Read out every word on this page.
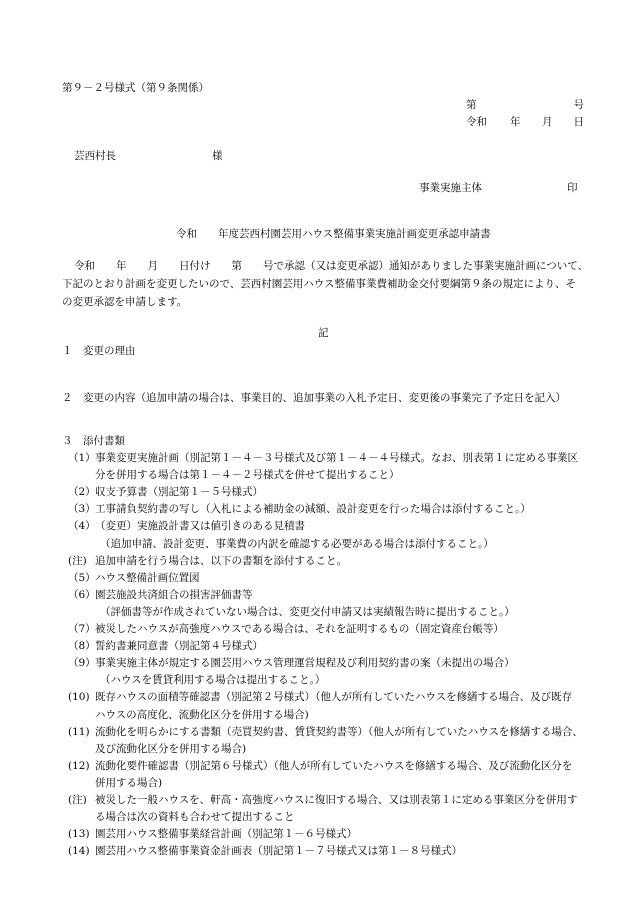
第９－２号様式（第９条関係）
第	号
令和 年 月 日
芸西村長	様
事業実施主体	印
令和　　年度芸西村園芸用ハウス整備事業実施計画変更承認申請書
令和　　年　　月　　日付け　　第　　号で承認（又は変更承認）通知がありました事業実施計画について、
下記のとおり計画を変更したいので、芸西村園芸用ハウス整備事業費補助金交付要綱第９条の規定により、そ
の変更承認を申請します。
記
１　変更の理由
２　変更の内容（追加申請の場合は、事業目的、追加事業の入札予定日、変更後の事業完了予定日を記入）
３　添付書類
（1）事業変更実施計画（別記第１－４－３号様式及び第１－４－４号様式。なお、別表第１に定める事業区
分を併用する場合は第１－４－２号様式を併せて提出すること）
（2）収支予算書（別記第１－５号様式）
（3）工事請負契約書の写し（入札による補助金の減額、設計変更を行った場合は添付すること。）
（4）（変更）実施設計書又は値引きのある見積書
（追加申請、設計変更、事業費の内訳を確認する必要がある場合は添付すること。）
(注) 追加申請を行う場合は、以下の書類を添付すること。
（5）ハウス整備計画位置図
（6）園芸施設共済組合の損害評価書等
（評価書等が作成されていない場合は、変更交付申請又は実績報告時に提出すること。）
（7）被災したハウスが高強度ハウスである場合は、それを証明するもの（固定資産台帳等）
（8）誓約書兼同意書（別記第４号様式）
（9）事業実施主体が規定する園芸用ハウス管理運営規程及び利用契約書の案（未提出の場合）
（ハウスを賃貸利用する場合は提出すること。）
(10) 既存ハウスの面積等確認書（別記第２号様式）（他人が所有していたハウスを修繕する場合、及び既存
ハウスの高度化、流動化区分を併用する場合)
(11) 流動化を明らかにする書類（売買契約書、賃貸契約書等）（他人が所有していたハウスを修繕する場合、
及び流動化区分を併用する場合)
(12) 流動化要件確認書（別記第６号様式）（他人が所有していたハウスを修繕する場合、及び流動化区分を
併用する場合)
(注) 被災した一般ハウスを、軒高・高強度ハウスに復旧する場合、又は別表第１に定める事業区分を併用す
る場合は次の資料も合わせて提出すること
(13) 園芸用ハウス整備事業経営計画（別記第１－６号様式）
(14) 園芸用ハウス整備事業資金計画表（別記第１－７号様式又は第１－８号様式）
